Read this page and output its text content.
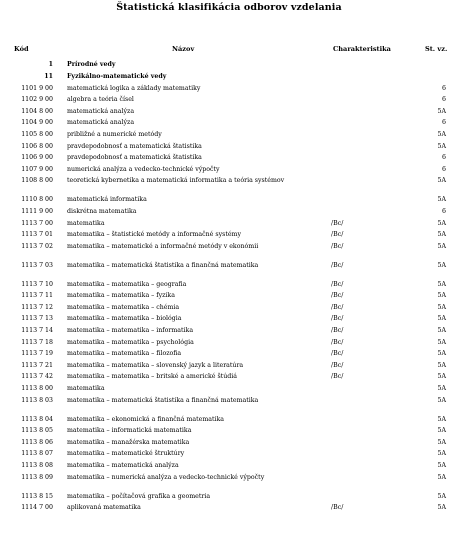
Štatistická klasifikácia odborov vzdelania
Kód	Názov	Charakteristika	St. vz.
1 Prírodné vedy
11 Fyzikálno-matematické vedy
1101 9 00 matematická logika a základy matematiky	6
1102 9 00 algebra a teória čísel	6
1104 8 00 matematická analýza	5A
1104 9 00 matematická analýza	6
1105 8 00 približné a numerické metódy	5A
1106 8 00 pravdepodobnosť a matematická štatistika	5A
1106 9 00 pravdepodobnosť a matematická štatistika	6
1107 9 00 numerická analýza a vedecko-technické výpočty	6
1108 8 00 teoretická kybernetika a matematická informatika a teória systémov	5A
1110 8 00 matematická informatika	5A
1111 9 00 diskrétna matematika	6
1113 7 00 matematika	/Bc/	5A
1113 7 01 matematika – štatistické metódy a informačné systémy	/Bc/	5A
1113 7 02 matematika – matematické a informačné metódy v ekonómii	/Bc/	5A
1113 7 03 matematika – matematická štatistika a finančná matematika	/Bc/	5A
1113 7 10 matematika – matematika – geografia	/Bc/	5A
1113 7 11 matematika – matematika – fyzika	/Bc/	5A
1113 7 12 matematika – matematika – chémia	/Bc/	5A
1113 7 13 matematika – matematika – biológia	/Bc/	5A
1113 7 14 matematika – matematika – informatika	/Bc/	5A
1113 7 18 matematika – matematika – psychológia	/Bc/	5A
1113 7 19 matematika – matematika – filozofia	/Bc/	5A
1113 7 21 matematika – matematika – slovenský jazyk a literatúra	/Bc/	5A
1113 7 42 matematika – matematika – britské a americké štúdiá	/Bc/	5A
1113 8 00 matematika	5A
1113 8 03 matematika – matematická štatistika a finančná matematika	5A
1113 8 04 matematika – ekonomická a finančná matematika	5A
1113 8 05 matematika – informatická matematika	5A
1113 8 06 matematika – manažérska matematika	5A
1113 8 07 matematika – matematické štruktúry	5A
1113 8 08 matematika – matematická analýza	5A
1113 8 09 matematika – numerická analýza a vedecko-technické výpočty	5A
1113 8 15 matematika – počítačová grafika a geometria	5A
1114 7 00 aplikovaná matematika	/Bc/	5A
